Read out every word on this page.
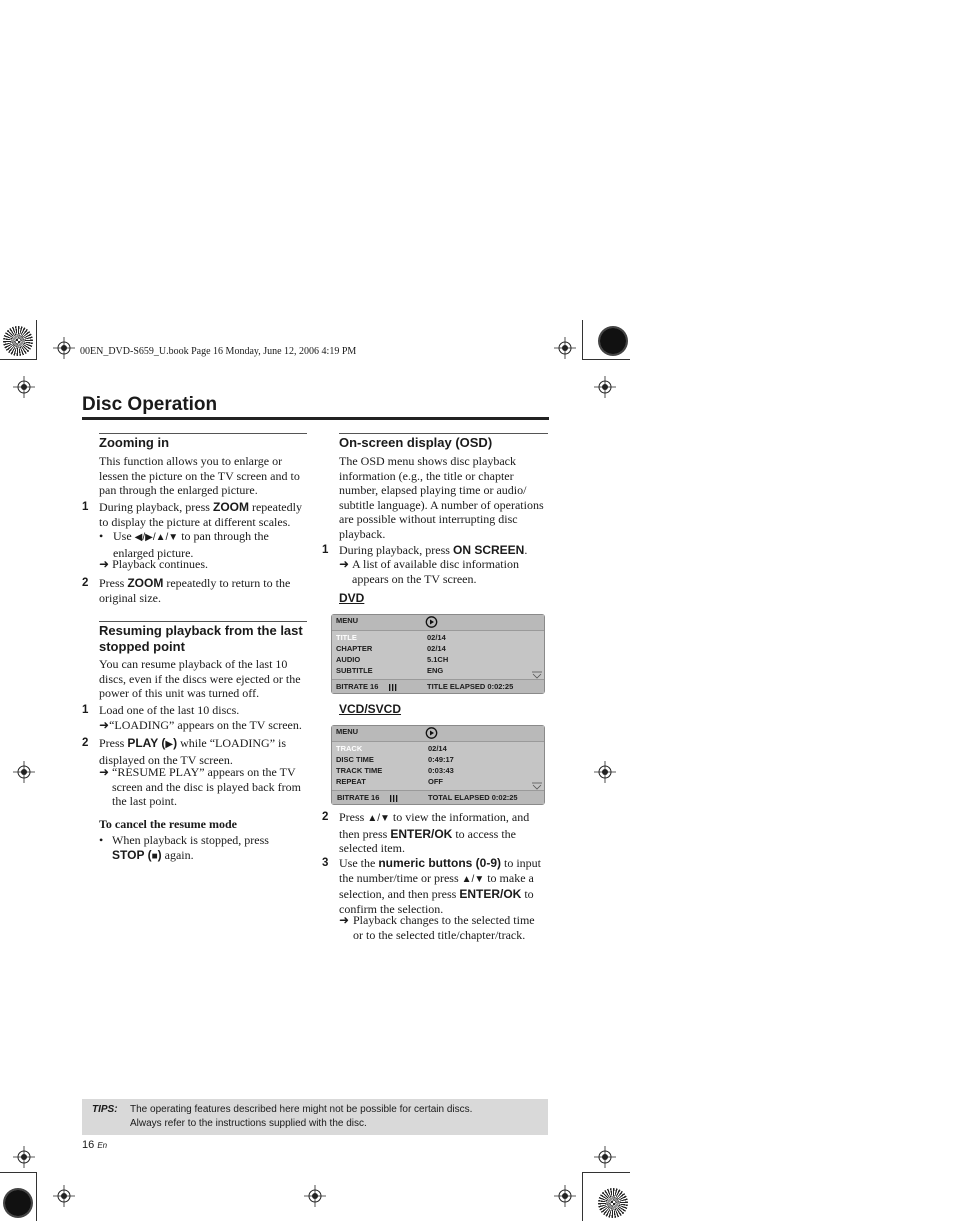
00EN_DVD-S659_U.book Page 16 Monday, June 12, 2006 4:19 PM
Disc Operation
Zooming in
This function allows you to enlarge or
lessen the picture on the TV screen and to
pan through the enlarged picture.
1 During playback, press ZOOM repeatedly
to display the picture at different scales.
• Use ◀/▶/▲/▼ to pan through the
enlarged picture.
➜ Playback continues.
2 Press ZOOM repeatedly to return to the
original size.
Resuming playback from the last
stopped point
You can resume playback of the last 10
discs, even if the discs were ejected or the
power of this unit was turned off.
1 Load one of the last 10 discs.
➜“LOADING” appears on the TV screen.
2 Press PLAY (▶) while “LOADING” is
displayed on the TV screen.
➜ “RESUME PLAY” appears on the TV
screen and the disc is played back from
the last point.
To cancel the resume mode
• When playback is stopped, press
STOP (■) again.
On-screen display (OSD)
The OSD menu shows disc playback
information (e.g., the title or chapter
number, elapsed playing time or audio/
subtitle language). A number of operations
are possible without interrupting disc
playback.
1 During playback, press ON SCREEN.
➜ A list of available disc information
appears on the TV screen.
DVD
MENU
TITLE	02/14
CHAPTER	02/14
AUDIO	5.1CH
SUBTITLE	ENG
BITRATE 16	TITLE ELAPSED 0:02:25
VCD/SVCD
MENU
TRACK	02/14
DISC TIME	0:49:17
TRACK TIME	0:03:43
REPEAT	OFF
BITRATE 16	TOTAL ELAPSED 0:02:25
2 Press ▲/▼ to view the information, and
then press ENTER/OK to access the
selected item.
3 Use the numeric buttons (0-9) to input
the number/time or press ▲/▼ to make a
selection, and then press ENTER/OK to
confirm the selection.
➜ Playback changes to the selected time
or to the selected title/chapter/track.
TIPS: The operating features described here might not be possible for certain discs.
Always refer to the instructions supplied with the disc.
16 En
